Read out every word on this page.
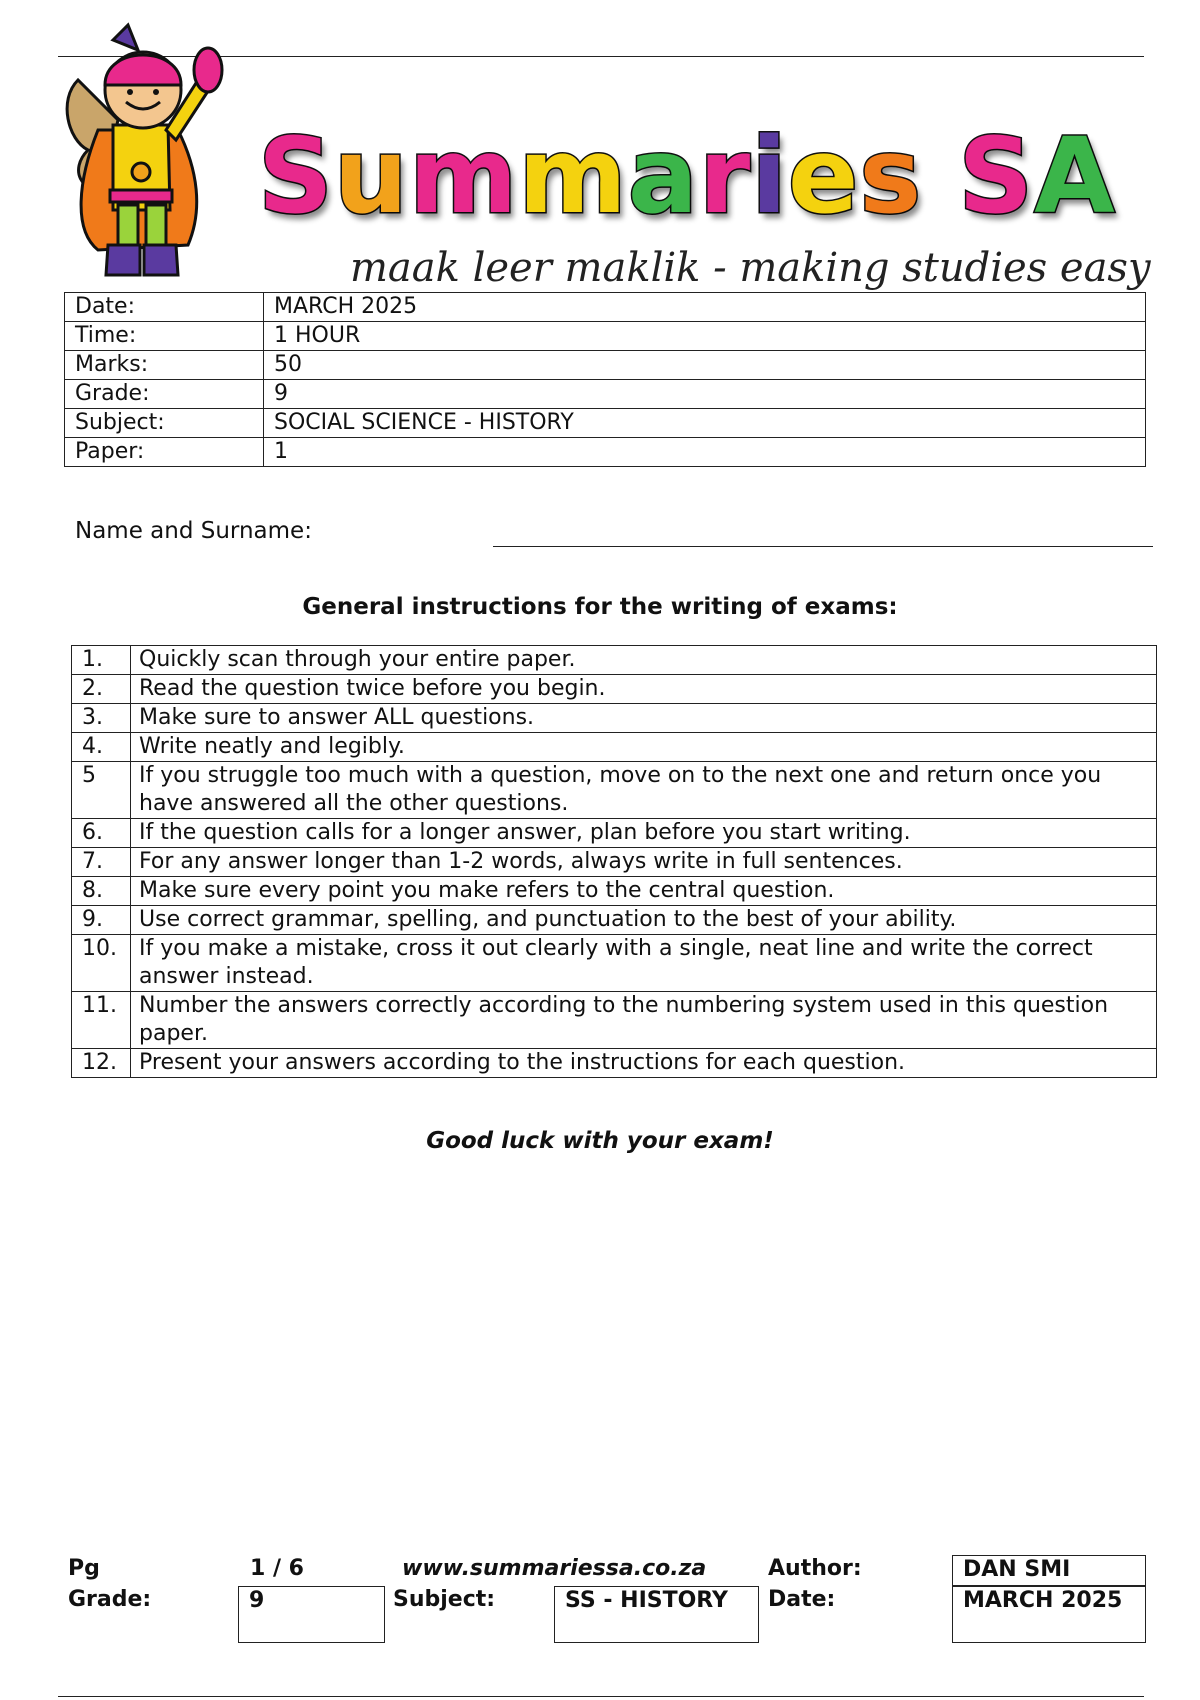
Summaries SA
maak leer maklik - making studies easy
Date:	MARCH 2025
Time:	1 HOUR
Marks:	50
Grade:	9
Subject:	SOCIAL SCIENCE - HISTORY
Paper:	1
Name and Surname:
General instructions for the writing of exams:
1.	Quickly scan through your entire paper.
2.	Read the question twice before you begin.
3.	Make sure to answer ALL questions.
4.	Write neatly and legibly.
5	If you struggle too much with a question, move on to the next one and return once you have answered all the other questions.
6.	If the question calls for a longer answer, plan before you start writing.
7.	For any answer longer than 1-2 words, always write in full sentences.
8.	Make sure every point you make refers to the central question.
9.	Use correct grammar, spelling, and punctuation to the best of your ability.
10.	If you make a mistake, cross it out clearly with a single, neat line and write the correct answer instead.
11.	Number the answers correctly according to the numbering system used in this question paper.
12.	Present your answers according to the instructions for each question.
Good luck with your exam!
Pg	1 / 6	www.summariessa.co.za	Author:	DAN SMI
Grade:	9	Subject:	SS - HISTORY	Date:	MARCH 2025
